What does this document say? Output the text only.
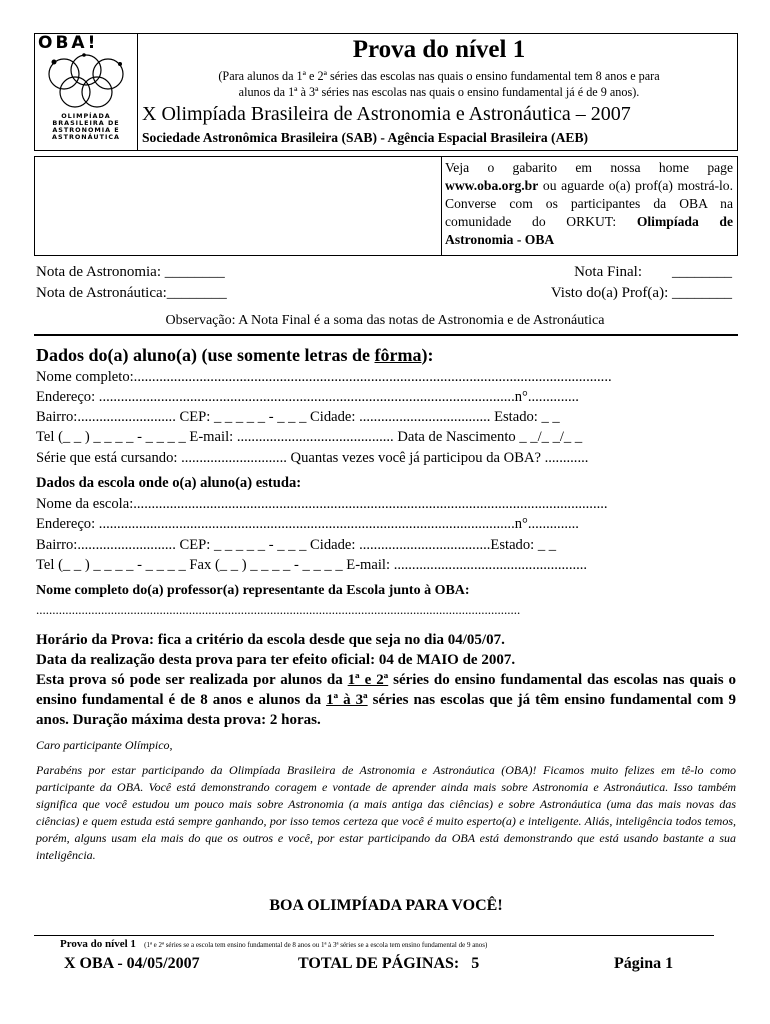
OBA!
OLIMPÍADA
BRASILEIRA DE
ASTRONOMIA E
ASTRONÁUTICA
Prova do nível 1
(Para alunos da 1ª e 2ª séries das escolas nas quais o ensino fundamental tem 8 anos e para
alunos da 1ª à 3ª séries nas escolas nas quais o ensino fundamental já é de 9 anos).
X Olimpíada Brasileira de Astronomia e Astronáutica – 2007
Sociedade Astronômica Brasileira (SAB) - Agência Espacial Brasileira (AEB)
Veja o gabarito em nossa home page www.oba.org.br ou aguarde o(a) prof(a) mostrá-lo. Converse com os participantes da OBA na comunidade do ORKUT: Olimpíada de Astronomia - OBA
Nota de Astronomia: ________
Nota de Astronáutica:________
Nota Final:        ________
Visto do(a) Prof(a): ________
Observação: A Nota Final é a soma das notas de Astronomia e de Astronáutica
Dados do(a) aluno(a) (use somente letras de fôrma):
Nome completo:...................................................................................................................................
Endereço: ..................................................................................................................n°..............
Bairro:........................... CEP: _ _ _ _ _ - _ _ _ Cidade: .................................... Estado: _ _
Tel (_ _ ) _ _ _ _ - _ _ _ _ E-mail: ........................................... Data de Nascimento _ _/_ _/_ _
Série que está cursando: ............................. Quantas vezes você já participou da OBA? ............
Dados da escola onde o(a) aluno(a) estuda:
Nome da escola:..................................................................................................................................
Endereço: ..................................................................................................................n°..............
Bairro:........................... CEP: _ _ _ _ _ - _ _ _ Cidade: ....................................Estado: _ _
Tel (_ _ ) _ _ _ _ - _ _ _ _ Fax (_ _ ) _ _ _ _ - _ _ _ _ E-mail: .....................................................
Nome completo do(a) professor(a) representante da Escola junto à OBA:
.....................................................................................................................................................
Horário da Prova: fica a critério da escola desde que seja no dia 04/05/07.
Data da realização desta prova para ter efeito oficial: 04 de MAIO de 2007.
Esta prova só pode ser realizada por alunos da 1ª e 2ª séries do ensino fundamental das escolas nas quais o ensino fundamental é de 8 anos e alunos da 1ª à 3ª séries nas escolas que já têm ensino fundamental com 9 anos. Duração máxima desta prova: 2 horas.
Caro participante Olímpico,
Parabéns por estar participando da Olimpíada Brasileira de Astronomia e Astronáutica (OBA)! Ficamos muito felizes em tê-lo como participante da OBA. Você está demonstrando coragem e vontade de aprender ainda mais sobre Astronomia e Astronáutica. Isso também significa que você estudou um pouco mais sobre Astronomia (a mais antiga das ciências) e sobre Astronáutica (uma das mais novas das ciências) e quem estuda está sempre ganhando, por isso temos certeza que você é muito esperto(a) e inteligente. Aliás, inteligência todos temos, porém, alguns usam ela mais do que os outros e você, por estar participando da OBA está demonstrando que está usando bastante a sua inteligência.
BOA OLIMPÍADA PARA VOCÊ!
Prova do nível 1 (1ª e 2ª séries se a escola tem ensino fundamental de 8 anos ou 1ª à 3ª séries se a escola tem ensino fundamental de 9 anos)
X OBA - 04/05/2007	TOTAL DE PÁGINAS:   5	Página 1
